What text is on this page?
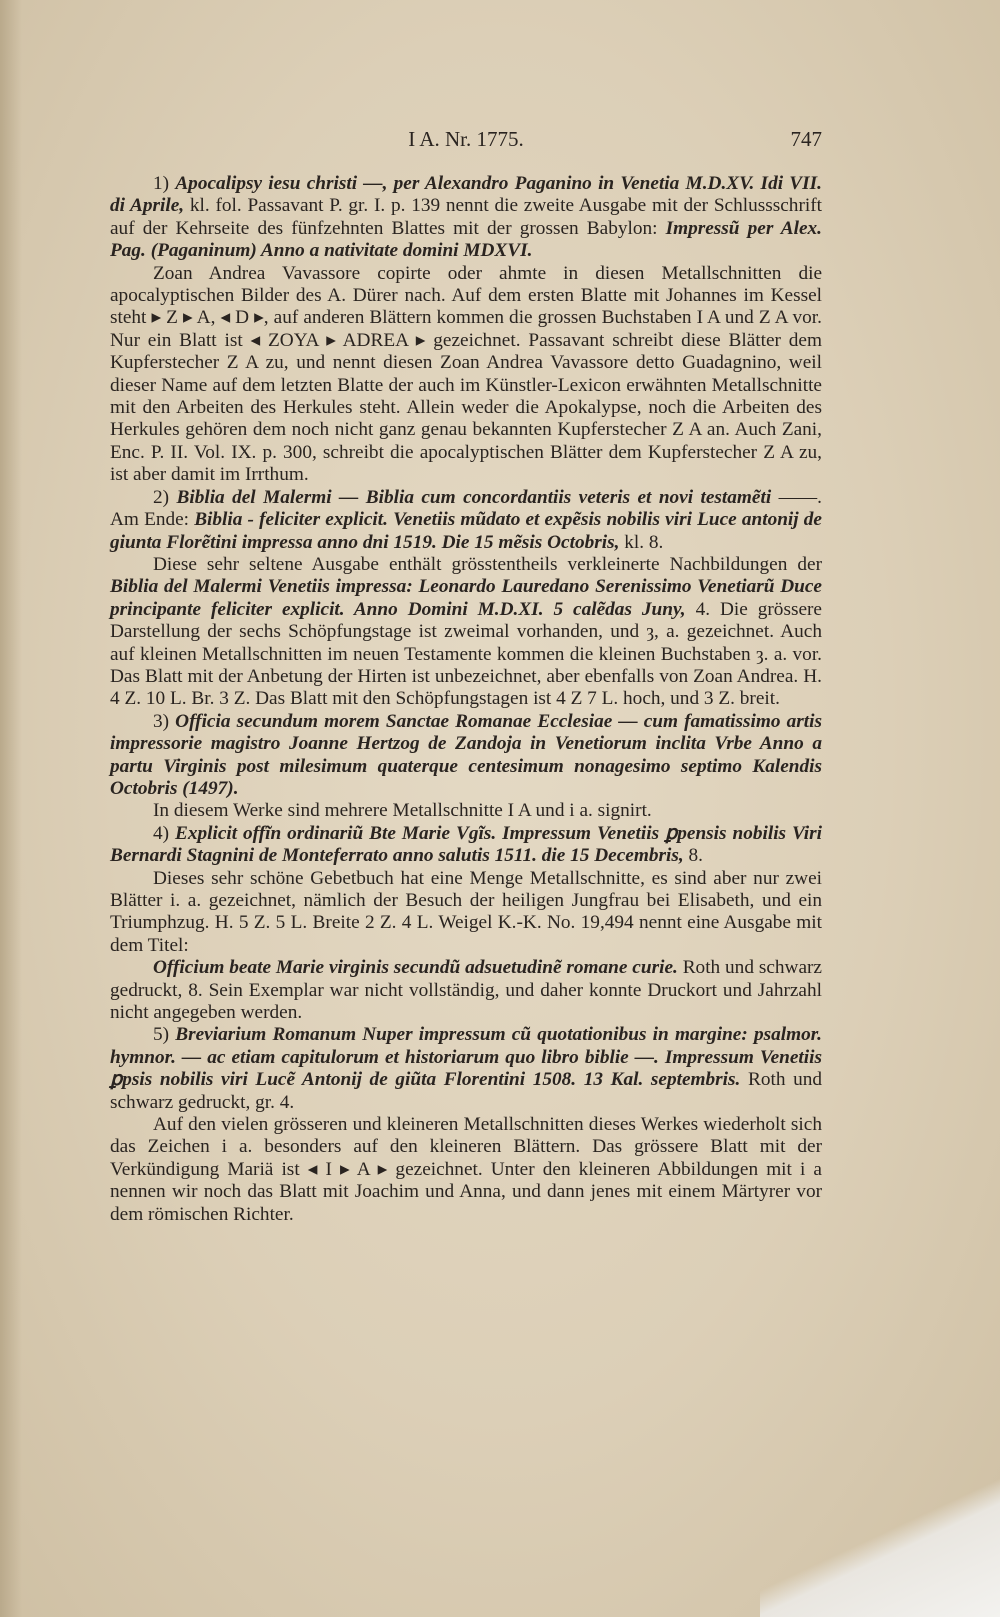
I A. Nr. 1775.	747

1) Apocalipsy iesu christi —, per Alexandro Paganino in Venetia M.D.XV. Idi VII. di Aprile, kl. fol. Passavant P. gr. I. p. 139 nennt die zweite Ausgabe mit der Schlussschrift auf der Kehrseite des fünfzehnten Blattes mit der grossen Babylon: Impressũ per Alex. Pag. (Paganinum) Anno a nativitate domini MDXVI.

Zoan Andrea Vavassore copirte oder ahmte in diesen Metallschnitten die apocalyptischen Bilder des A. Dürer nach. Auf dem ersten Blatte mit Johannes im Kessel steht ▸ Z ▸ A, ◂ D ▸, auf anderen Blättern kommen die grossen Buchstaben I A und Z A vor. Nur ein Blatt ist ◂ ZOYA ▸ ADREA ▸ gezeichnet. Passavant schreibt diese Blätter dem Kupferstecher Z A zu, und nennt diesen Zoan Andrea Vavassore detto Guadagnino, weil dieser Name auf dem letzten Blatte der auch im Künstler-Lexicon erwähnten Metallschnitte mit den Arbeiten des Herkules steht. Allein weder die Apokalypse, noch die Arbeiten des Herkules gehören dem noch nicht ganz genau bekannten Kupferstecher Z A an. Auch Zani, Enc. P. II. Vol. IX. p. 300, schreibt die apocalyptischen Blätter dem Kupferstecher Z A zu, ist aber damit im Irrthum.

2) Biblia del Malermi — Biblia cum concordantiis veteris et novi testamẽti ——. Am Ende: Biblia - feliciter explicit. Venetiis mũdato et expẽsis nobilis viri Luce antonij de giunta Florẽtini impressa anno dni 1519. Die 15 mẽsis Octobris, kl. 8.

Diese sehr seltene Ausgabe enthält grösstentheils verkleinerte Nachbildungen der Biblia del Malermi Venetiis impressa: Leonardo Lauredano Serenissimo Venetiarũ Duce principante feliciter explicit. Anno Domini M.D.XI. 5 calẽdas Juny, 4. Die grössere Darstellung der sechs Schöpfungstage ist zweimal vorhanden, und ȝ, a. gezeichnet. Auch auf kleinen Metallschnitten im neuen Testamente kommen die kleinen Buchstaben ȝ. a. vor. Das Blatt mit der Anbetung der Hirten ist unbezeichnet, aber ebenfalls von Zoan Andrea. H. 4 Z. 10 L. Br. 3 Z. Das Blatt mit den Schöpfungstagen ist 4 Z 7 L. hoch, und 3 Z. breit.

3) Officia secundum morem Sanctae Romanae Ecclesiae — cum famatissimo artis impressorie magistro Joanne Hertzog de Zandoja in Venetiorum inclita Vrbe Anno a partu Virginis post milesimum quaterque centesimum nonagesimo septimo Kalendis Octobris (1497).

In diesem Werke sind mehrere Metallschnitte I A und i a. signirt.

4) Explicit offĩn ordinariũ Bte Marie Vgĩs. Impressum Venetiis ꝑpensis nobilis Viri Bernardi Stagnini de Monteferrato anno salutis 1511. die 15 Decembris, 8.

Dieses sehr schöne Gebetbuch hat eine Menge Metallschnitte, es sind aber nur zwei Blätter i. a. gezeichnet, nämlich der Besuch der heiligen Jungfrau bei Elisabeth, und ein Triumphzug. H. 5 Z. 5 L. Breite 2 Z. 4 L. Weigel K.-K. No. 19,494 nennt eine Ausgabe mit dem Titel:

Officium beate Marie virginis secundũ adsuetudinẽ romane curie. Roth und schwarz gedruckt, 8. Sein Exemplar war nicht vollständig, und daher konnte Druckort und Jahrzahl nicht angegeben werden.

5) Breviarium Romanum Nuper impressum cũ quotationibus in margine: psalmor. hymnor. — ac etiam capitulorum et historiarum quo libro biblie —. Impressum Venetiis ꝑpsis nobilis viri Lucẽ Antonij de giũta Florentini 1508. 13 Kal. septembris. Roth und schwarz gedruckt, gr. 4.

Auf den vielen grösseren und kleineren Metallschnitten dieses Werkes wiederholt sich das Zeichen i a. besonders auf den kleineren Blättern. Das grössere Blatt mit der Verkündigung Mariä ist ◂ I ▸ A ▸ gezeichnet. Unter den kleineren Abbildungen mit i a nennen wir noch das Blatt mit Joachim und Anna, und dann jenes mit einem Märtyrer vor dem römischen Richter.
